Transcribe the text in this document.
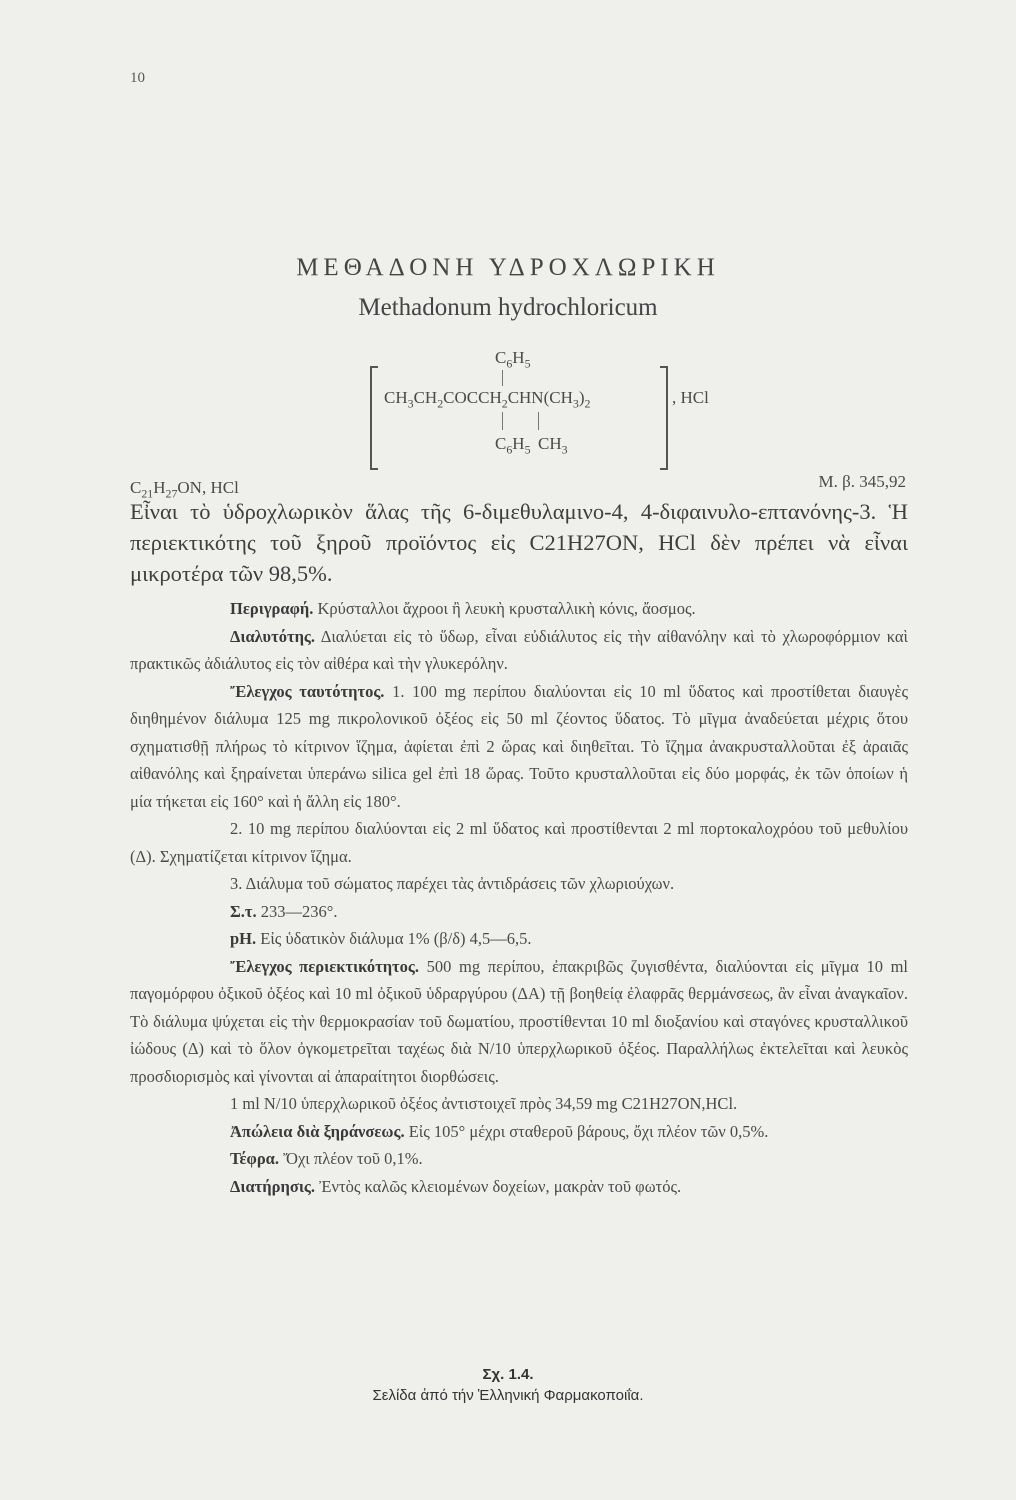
10
ΜΕΘΑΔΟΝΗ ΥΔΡΟΧΛΩΡΙΚΗ
Methadonum hydrochloricum
$C_6H_5$
$CH_3CH_2COCCH_2CHN(CH_3)_2$	, HCl
$C_6H_5$ $CH_3$
$C_{21}H_{27}ON$, HCl	Μ. β. 345,92

Εἶναι τὸ ὑδροχλωρικὸν ἅλας τῆς 6-διμεθυλαμινο-4, 4-διφαινυλο-επτανόνης-3. Ἡ περιεκτικότης τοῦ ξηροῦ προϊόντος εἰς C21H27ON, HCl δὲν πρέπει νὰ εἶναι μικροτέρα τῶν 98,5%.

Περιγραφή. Κρύσταλλοι ἄχροοι ἢ λευκὴ κρυσταλλικὴ κόνις, ἄοσμος.

Διαλυτότης. Διαλύεται εἰς τὸ ὕδωρ, εἶναι εὐδιάλυτος εἰς τὴν αἰθανόλην καὶ τὸ χλωροφόρμιον καὶ πρακτικῶς ἀδιάλυτος εἰς τὸν αἰθέρα καὶ τὴν γλυκερόλην.

Ἔλεγχος ταυτότητος. 1. 100 mg περίπου διαλύονται εἰς 10 ml ὕδατος καὶ προστίθεται διαυγὲς διηθημένον διάλυμα 125 mg πικρολονικοῦ ὀξέος εἰς 50 ml ζέοντος ὕδατος. Τὸ μῖγμα ἀναδεύεται μέχρις ὅτου σχηματισθῇ πλήρως τὸ κίτρινον ἵζημα, ἀφίεται ἐπὶ 2 ὥρας καὶ διηθεῖται. Τὸ ἵζημα ἀνακρυσταλλοῦται ἐξ ἀραιᾶς αἰθανόλης καὶ ξηραίνεται ὑπεράνω silica gel ἐπὶ 18 ὥρας. Τοῦτο κρυσταλλοῦται εἰς δύο μορφάς, ἐκ τῶν ὁποίων ἡ μία τήκεται εἰς 160° καὶ ἡ ἄλλη εἰς 180°.

2. 10 mg περίπου διαλύονται εἰς 2 ml ὕδατος καὶ προστίθενται 2 ml πορτοκαλοχρόου τοῦ μεθυλίου (Δ). Σχηματίζεται κίτρινον ἵζημα.

3. Διάλυμα τοῦ σώματος παρέχει τὰς ἀντιδράσεις τῶν χλωριούχων.

Σ.τ. 233—236°.

pH. Εἰς ὑδατικὸν διάλυμα 1% (β/δ) 4,5—6,5.

Ἔλεγχος περιεκτικότητος. 500 mg περίπου, ἐπακριβῶς ζυγισθέντα, διαλύονται εἰς μῖγμα 10 ml παγομόρφου ὀξικοῦ ὀξέος καὶ 10 ml ὀξικοῦ ὑδραργύρου (ΔΑ) τῇ βοηθείᾳ ἐλαφρᾶς θερμάνσεως, ἂν εἶναι ἀναγκαῖον. Τὸ διάλυμα ψύχεται εἰς τὴν θερμοκρασίαν τοῦ δωματίου, προστίθενται 10 ml διοξανίου καὶ σταγόνες κρυσταλλικοῦ ἰώδους (Δ) καὶ τὸ ὅλον ὀγκομετρεῖται ταχέως διὰ Ν/10 ὑπερχλωρικοῦ ὀξέος. Παραλλήλως ἐκτελεῖται καὶ λευκὸς προσδιορισμὸς καὶ γίνονται αἱ ἀπαραίτητοι διορθώσεις.

1 ml Ν/10 ὑπερχλωρικοῦ ὀξέος ἀντιστοιχεῖ πρὸς 34,59 mg C21H27ON,HCl.

Ἀπώλεια διὰ ξηράνσεως. Εἰς 105° μέχρι σταθεροῦ βάρους, ὄχι πλέον τῶν 0,5%.

Τέφρα. Ὄχι πλέον τοῦ 0,1%.

Διατήρησις. Ἐντὸς καλῶς κλειομένων δοχείων, μακρὰν τοῦ φωτός.

Σχ. 1.4.
Σελίδα ἀπό τήν Ἑλληνική Φαρμακοποιΐα.
